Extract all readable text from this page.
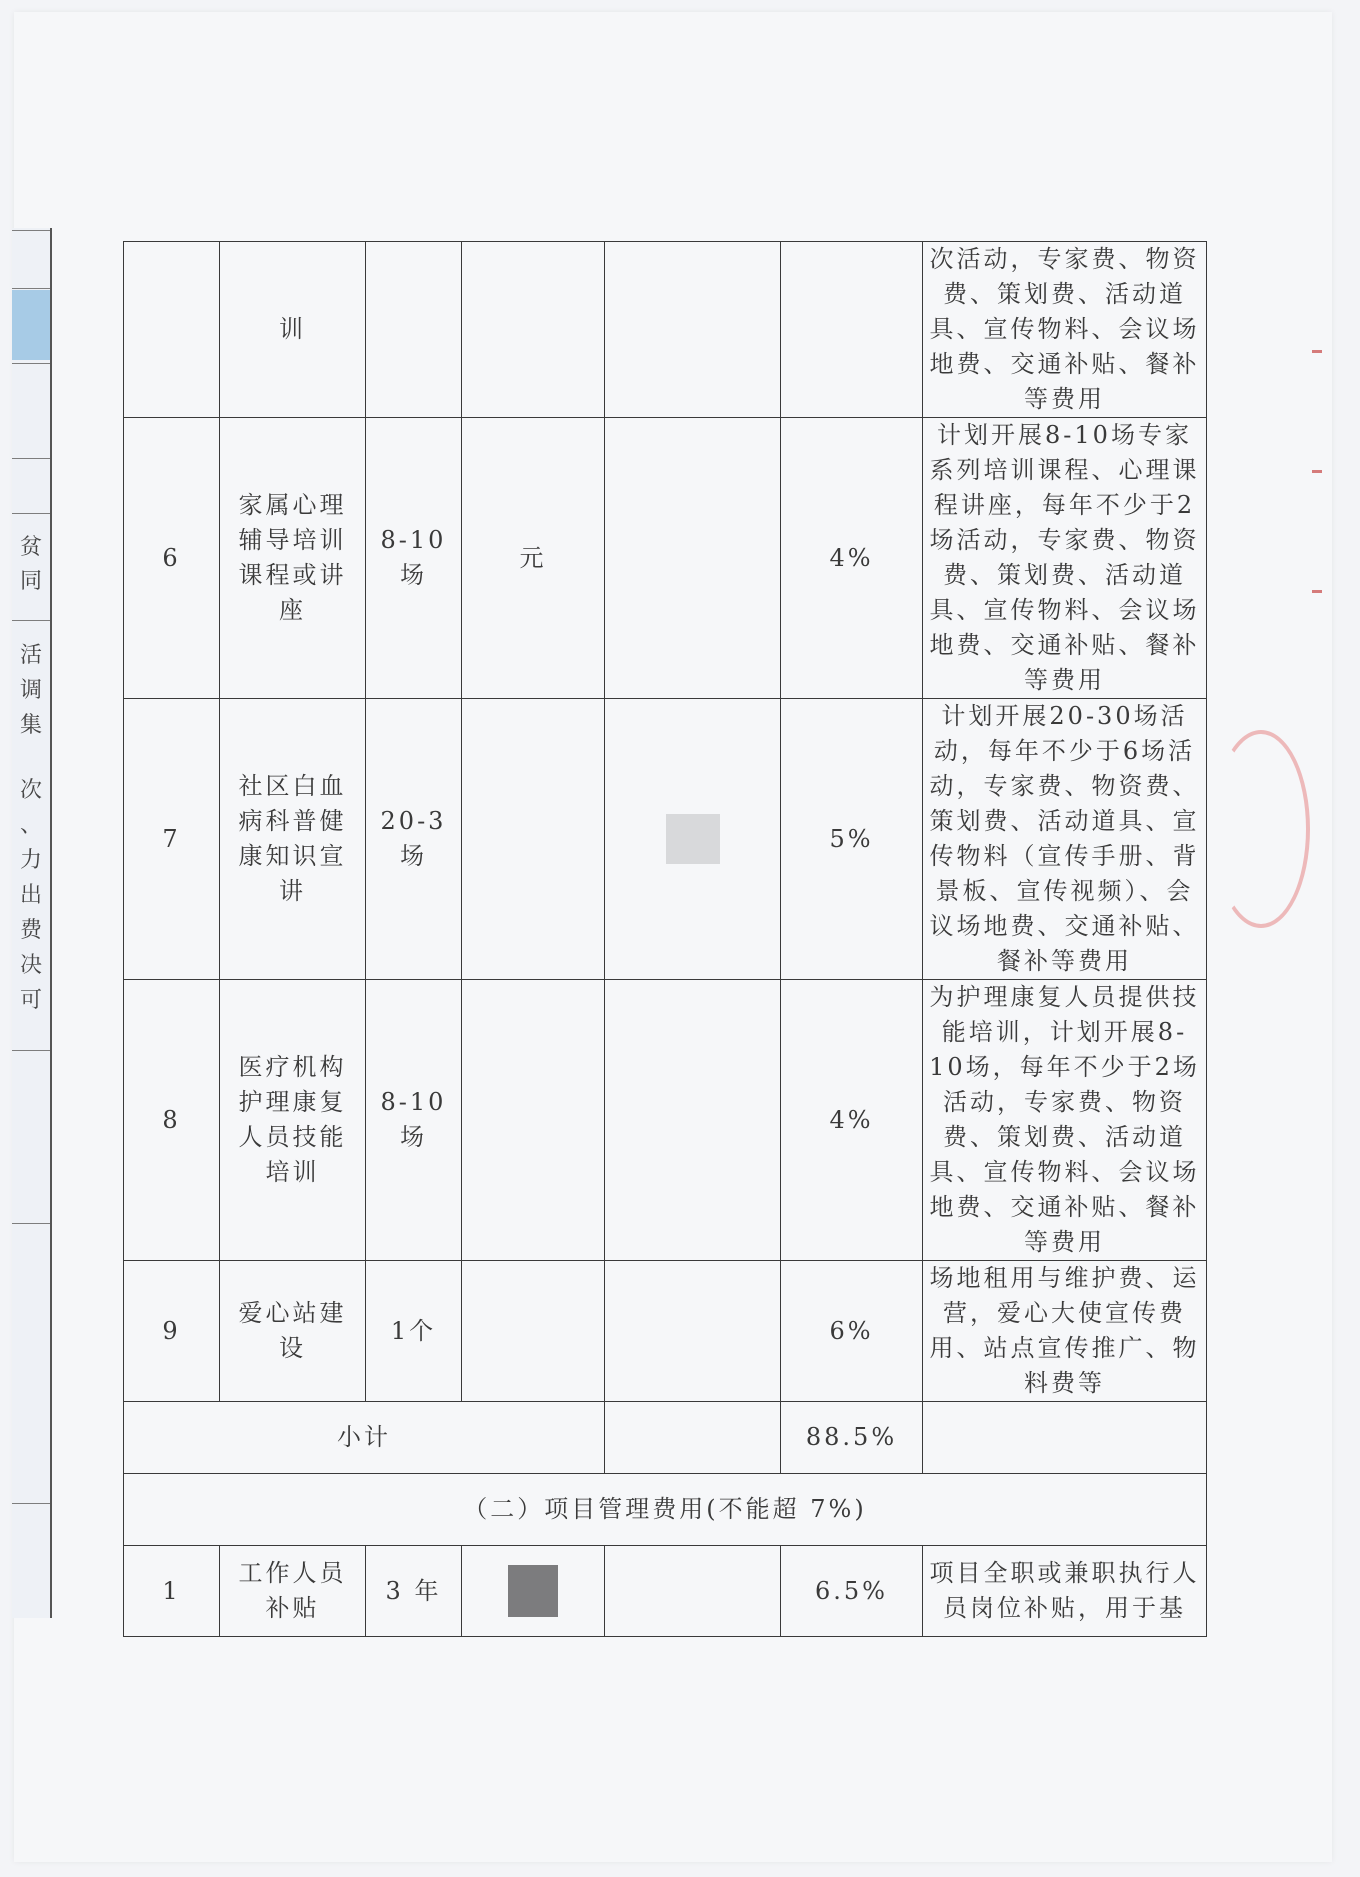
贫
同
活
调
集
次
、
力
出
费
决
可
	训					次活动，专家费、物资费、策划费、活动道具、宣传物料、会议场地费、交通补贴、餐补等费用
6	家属心理辅导培训课程或讲座	8-10场	元		4%	计划开展8-10场专家系列培训课程、心理课程讲座，每年不少于2场活动，专家费、物资费、策划费、活动道具、宣传物料、会议场地费、交通补贴、餐补等费用
7	社区白血病科普健康知识宣讲	20-3场			5%	计划开展20-30场活动，每年不少于6场活动，专家费、物资费、策划费、活动道具、宣传物料（宣传手册、背景板、宣传视频）、会议场地费、交通补贴、餐补等费用
8	医疗机构护理康复人员技能培训	8-10场			4%	为护理康复人员提供技能培训，计划开展8-10场，每年不少于2场活动，专家费、物资费、策划费、活动道具、宣传物料、会议场地费、交通补贴、餐补等费用
9	爱心站建设	1个			6%	场地租用与维护费、运营，爱心大使宣传费用、站点宣传推广、物料费等
小计					88.5%	
（二）项目管理费用(不能超 7%)						
1	工作人员补贴	3 年			6.5%	项目全职或兼职执行人员岗位补贴，用于基
